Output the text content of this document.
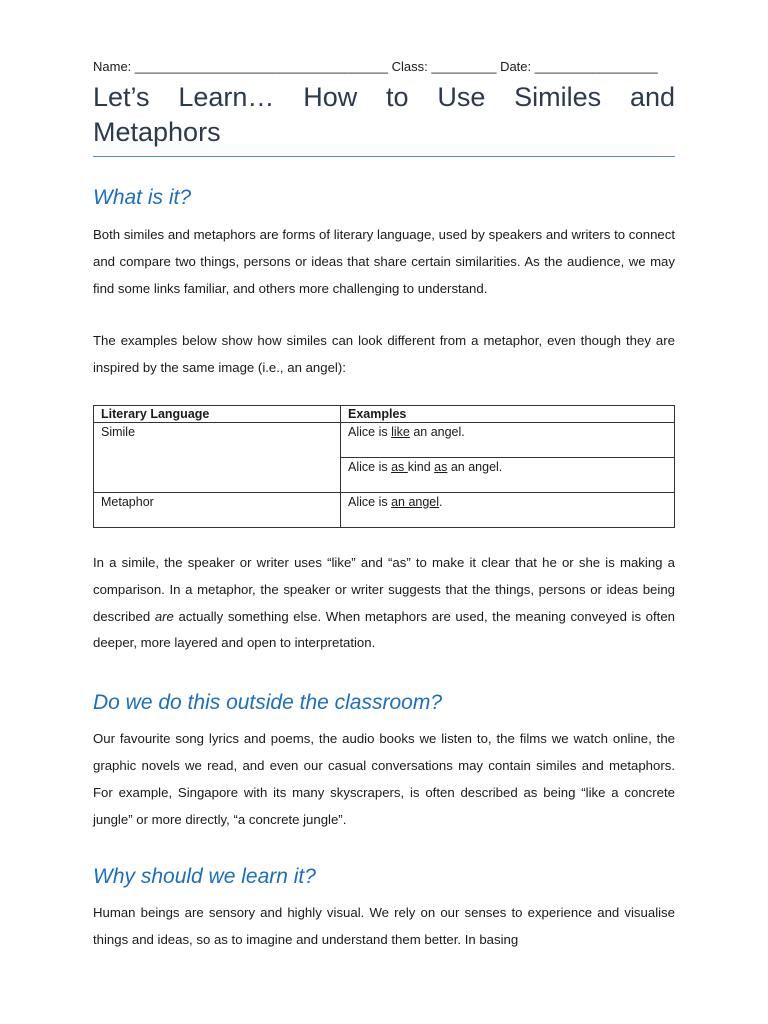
Name: ___________________________________ Class: _________ Date: _________________
Let’s Learn… How to Use Similes and Metaphors
What is it?

Both similes and metaphors are forms of literary language, used by speakers and writers to connect and compare two things, persons or ideas that share certain similarities. As the audience, we may find some links familiar, and others more challenging to understand.

The examples below show how similes can look different from a metaphor, even though they are inspired by the same image (i.e., an angel):

Literary Language	Examples
Simile	Alice is like an angel.
	Alice is as kind as an angel.
Metaphor	Alice is an angel.

In a simile, the speaker or writer uses “like” and “as” to make it clear that he or she is making a comparison. In a metaphor, the speaker or writer suggests that the things, persons or ideas being described are actually something else. When metaphors are used, the meaning conveyed is often deeper, more layered and open to interpretation.

Do we do this outside the classroom?

Our favourite song lyrics and poems, the audio books we listen to, the films we watch online, the graphic novels we read, and even our casual conversations may contain similes and metaphors. For example, Singapore with its many skyscrapers, is often described as being “like a concrete jungle” or more directly, “a concrete jungle”.

Why should we learn it?

Human beings are sensory and highly visual. We rely on our senses to experience and visualise things and ideas, so as to imagine and understand them better. In basing
